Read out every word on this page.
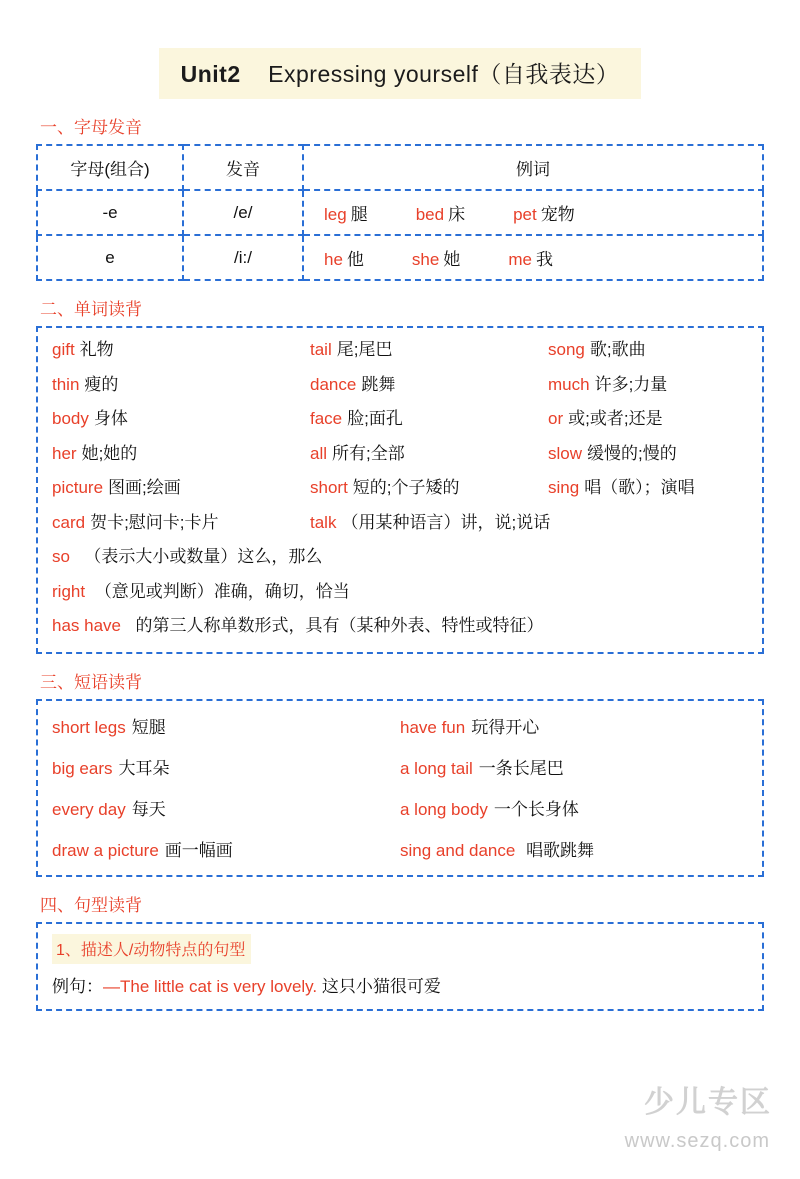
Unit2 Expressing yourself（自我表达）
一、字母发音
字母(组合)	发音	例词
-e	/e/	leg 腿 bed 床 pet 宠物

e	/i:/	he 他 she 她 me 我
二、单词读背
gift 礼物	tail 尾;尾巴	song 歌;歌曲
thin 瘦的	dance 跳舞	much 许多;力量
body 身体	face 脸;面孔	or 或;或者;还是
her 她;她的	all 所有;全部	slow 缓慢的;慢的
picture 图画;绘画	short 短的;个子矮的	sing 唱（歌）；演唱
card 贺卡;慰问卡;卡片	talk （用某种语言）讲，说;说话
so （表示大小或数量）这么，那么
right （意见或判断）准确，确切，恰当
has have 的第三人称单数形式，具有（某种外表、特性或特征）
三、短语读背
short legs 短腿	have fun 玩得开心
big ears 大耳朵	a long tail 一条长尾巴
every day 每天	a long body 一个长身体
draw a picture 画一幅画	sing and dance 唱歌跳舞
四、句型读背
1、描述人/动物特点的句型
例句：—The little cat is very lovely. 这只小猫很可爱
少儿专区
www.sezq.com
